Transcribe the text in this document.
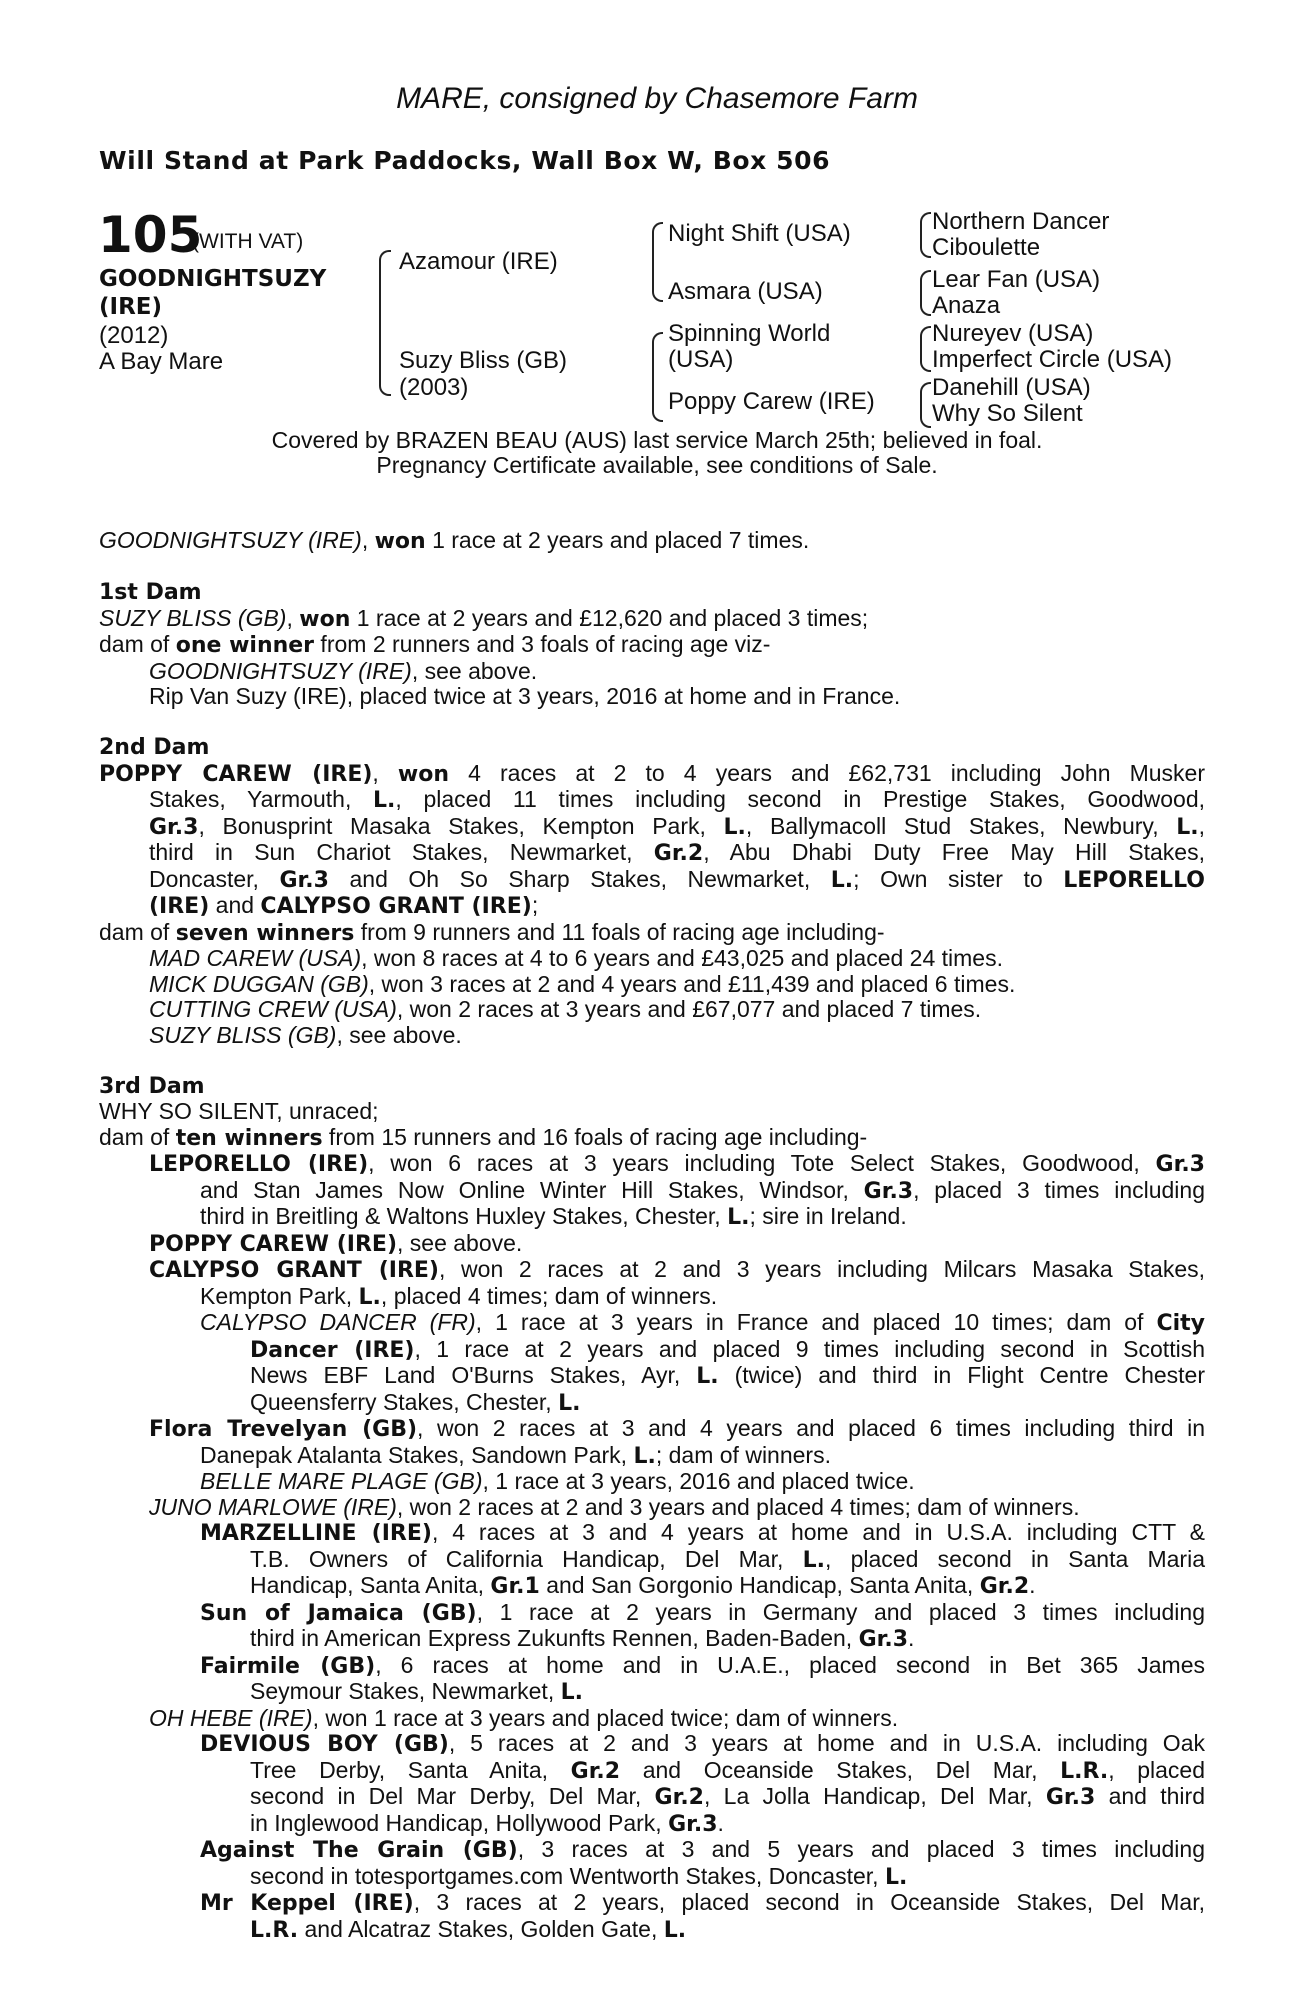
MARE, consigned by Chasemore Farm
Will Stand at Park Paddocks, Wall Box W, Box 506
105
(WITH VAT)
GOODNIGHTSUZY
(IRE)
(2012)
A Bay Mare
Azamour (IRE)
Suzy Bliss (GB)
(2003)
Night Shift (USA)
Asmara (USA)
Spinning World
(USA)
Poppy Carew (IRE)
Northern Dancer
Ciboulette
Lear Fan (USA)
Anaza
Nureyev (USA)
Imperfect Circle (USA)
Danehill (USA)
Why So Silent
Covered by BRAZEN BEAU (AUS) last service March 25th; believed in foal.
Pregnancy Certificate available, see conditions of Sale.
GOODNIGHTSUZY (IRE), won 1 race at 2 years and placed 7 times.
1st Dam
SUZY BLISS (GB), won 1 race at 2 years and £12,620 and placed 3 times;
dam of one winner from 2 runners and 3 foals of racing age viz-
GOODNIGHTSUZY (IRE), see above.
Rip Van Suzy (IRE), placed twice at 3 years, 2016 at home and in France.
2nd Dam
POPPY CAREW (IRE), won 4 races at 2 to 4 years and £62,731 including John Musker
Stakes, Yarmouth, L., placed 11 times including second in Prestige Stakes, Goodwood,
Gr.3, Bonusprint Masaka Stakes, Kempton Park, L., Ballymacoll Stud Stakes, Newbury, L.,
third in Sun Chariot Stakes, Newmarket, Gr.2, Abu Dhabi Duty Free May Hill Stakes,
Doncaster, Gr.3 and Oh So Sharp Stakes, Newmarket, L.; Own sister to LEPORELLO
(IRE) and CALYPSO GRANT (IRE);
dam of seven winners from 9 runners and 11 foals of racing age including-
MAD CAREW (USA), won 8 races at 4 to 6 years and £43,025 and placed 24 times.
MICK DUGGAN (GB), won 3 races at 2 and 4 years and £11,439 and placed 6 times.
CUTTING CREW (USA), won 2 races at 3 years and £67,077 and placed 7 times.
SUZY BLISS (GB), see above.
3rd Dam
WHY SO SILENT, unraced;
dam of ten winners from 15 runners and 16 foals of racing age including-
LEPORELLO (IRE), won 6 races at 3 years including Tote Select Stakes, Goodwood, Gr.3
and Stan James Now Online Winter Hill Stakes, Windsor, Gr.3, placed 3 times including
third in Breitling & Waltons Huxley Stakes, Chester, L.; sire in Ireland.
POPPY CAREW (IRE), see above.
CALYPSO GRANT (IRE), won 2 races at 2 and 3 years including Milcars Masaka Stakes,
Kempton Park, L., placed 4 times; dam of winners.
CALYPSO DANCER (FR), 1 race at 3 years in France and placed 10 times; dam of City
Dancer (IRE), 1 race at 2 years and placed 9 times including second in Scottish
News EBF Land O'Burns Stakes, Ayr, L. (twice) and third in Flight Centre Chester
Queensferry Stakes, Chester, L.
Flora Trevelyan (GB), won 2 races at 3 and 4 years and placed 6 times including third in
Danepak Atalanta Stakes, Sandown Park, L.; dam of winners.
BELLE MARE PLAGE (GB), 1 race at 3 years, 2016 and placed twice.
JUNO MARLOWE (IRE), won 2 races at 2 and 3 years and placed 4 times; dam of winners.
MARZELLINE (IRE), 4 races at 3 and 4 years at home and in U.S.A. including CTT &
T.B. Owners of California Handicap, Del Mar, L., placed second in Santa Maria
Handicap, Santa Anita, Gr.1 and San Gorgonio Handicap, Santa Anita, Gr.2.
Sun of Jamaica (GB), 1 race at 2 years in Germany and placed 3 times including
third in American Express Zukunfts Rennen, Baden-Baden, Gr.3.
Fairmile (GB), 6 races at home and in U.A.E., placed second in Bet 365 James
Seymour Stakes, Newmarket, L.
OH HEBE (IRE), won 1 race at 3 years and placed twice; dam of winners.
DEVIOUS BOY (GB), 5 races at 2 and 3 years at home and in U.S.A. including Oak
Tree Derby, Santa Anita, Gr.2 and Oceanside Stakes, Del Mar, L.R., placed
second in Del Mar Derby, Del Mar, Gr.2, La Jolla Handicap, Del Mar, Gr.3 and third
in Inglewood Handicap, Hollywood Park, Gr.3.
Against The Grain (GB), 3 races at 3 and 5 years and placed 3 times including
second in totesportgames.com Wentworth Stakes, Doncaster, L.
Mr Keppel (IRE), 3 races at 2 years, placed second in Oceanside Stakes, Del Mar,
L.R. and Alcatraz Stakes, Golden Gate, L.
